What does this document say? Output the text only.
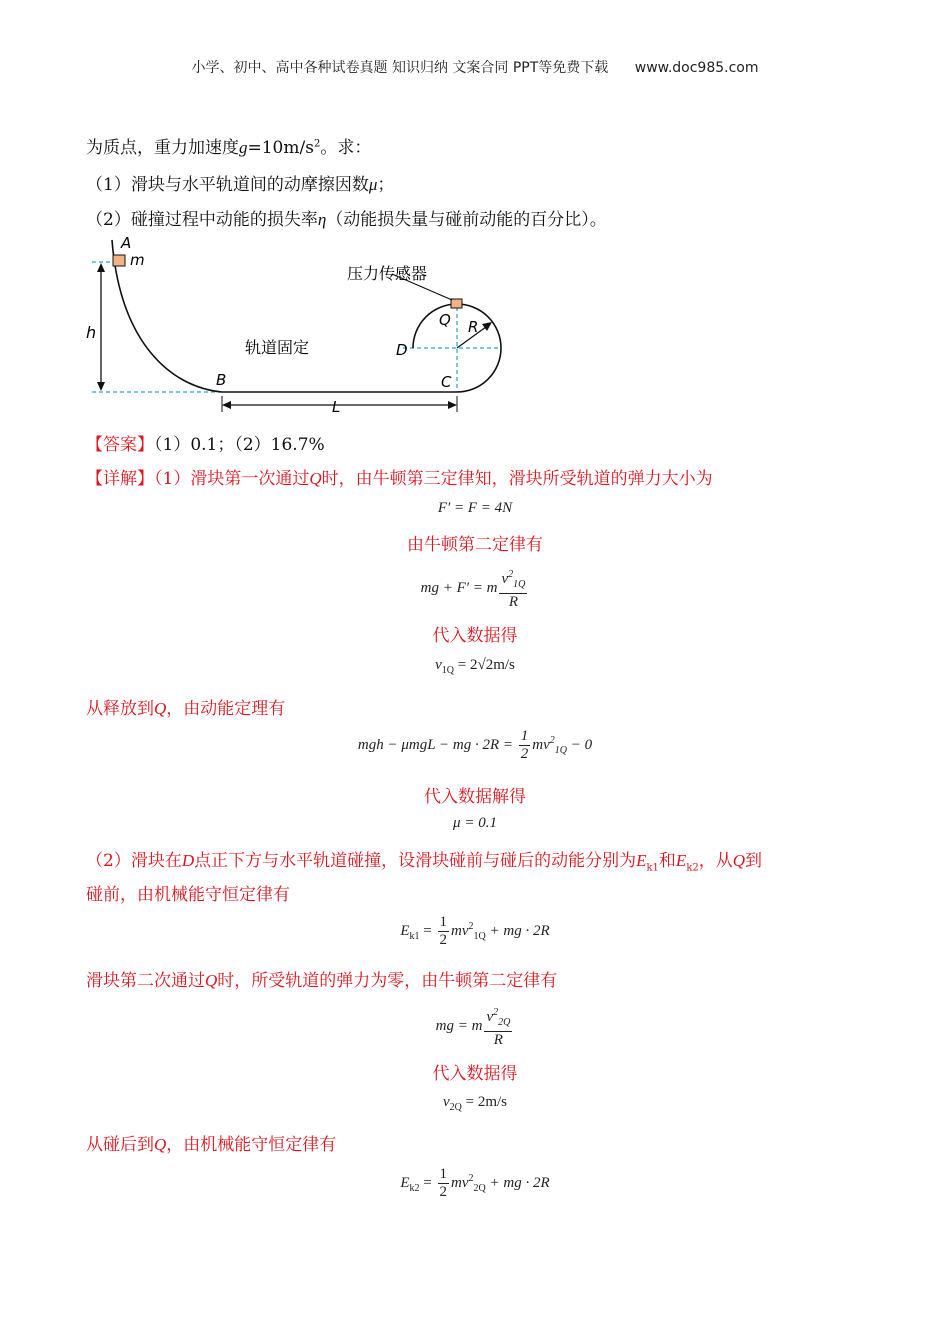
小学、初中、高中各种试卷真题 知识归纳 文案合同 PPT等免费下载 www.doc985.com
为质点，重力加速度$g=10m/s^2$。求：
（1）滑块与水平轨道间的动摩擦因数μ；
（2）碰撞过程中动能的损失率η（动能损失量与碰前动能的百分比）。
A
m
h
B	C
D
Q R
L
轨道固定
压力传感器
【答案】（1）0.1；（2）16.7%
【详解】（1）滑块第一次通过Q时，由牛顿第三定律知，滑块所受轨道的弹力大小为
F′ = F = 4N
由牛顿第二定律有
mg + F′ = m $\frac{v^2_{1Q}}{R}$
代入数据得
$v_{1Q} = 2√2m/s$
从释放到Q，由动能定理有
mgh − μmgL − mg · $2R = \frac{1}{2} mv^2_{1Q} - 0$
代入数据解得
μ = 0.1
（2）滑块在D点正下方与水平轨道碰撞，设滑块碰前与碰后的动能分别为$E_{k1}$和$E_{k2}$，从Q到
碰前，由机械能守恒定律有
$E_{k1} = \frac{1}{2} mv^2_{1Q}$ + mg · 2R
滑块第二次通过Q时，所受轨道的弹力为零，由牛顿第二定律有
mg = m $\frac{v^2_{2Q}}{R}$
代入数据得
$v_{2Q} = 2m/s$
从碰后到Q，由机械能守恒定律有
$E_{k2} = \frac{1}{2} mv^2_{2Q}$ + mg · 2R
